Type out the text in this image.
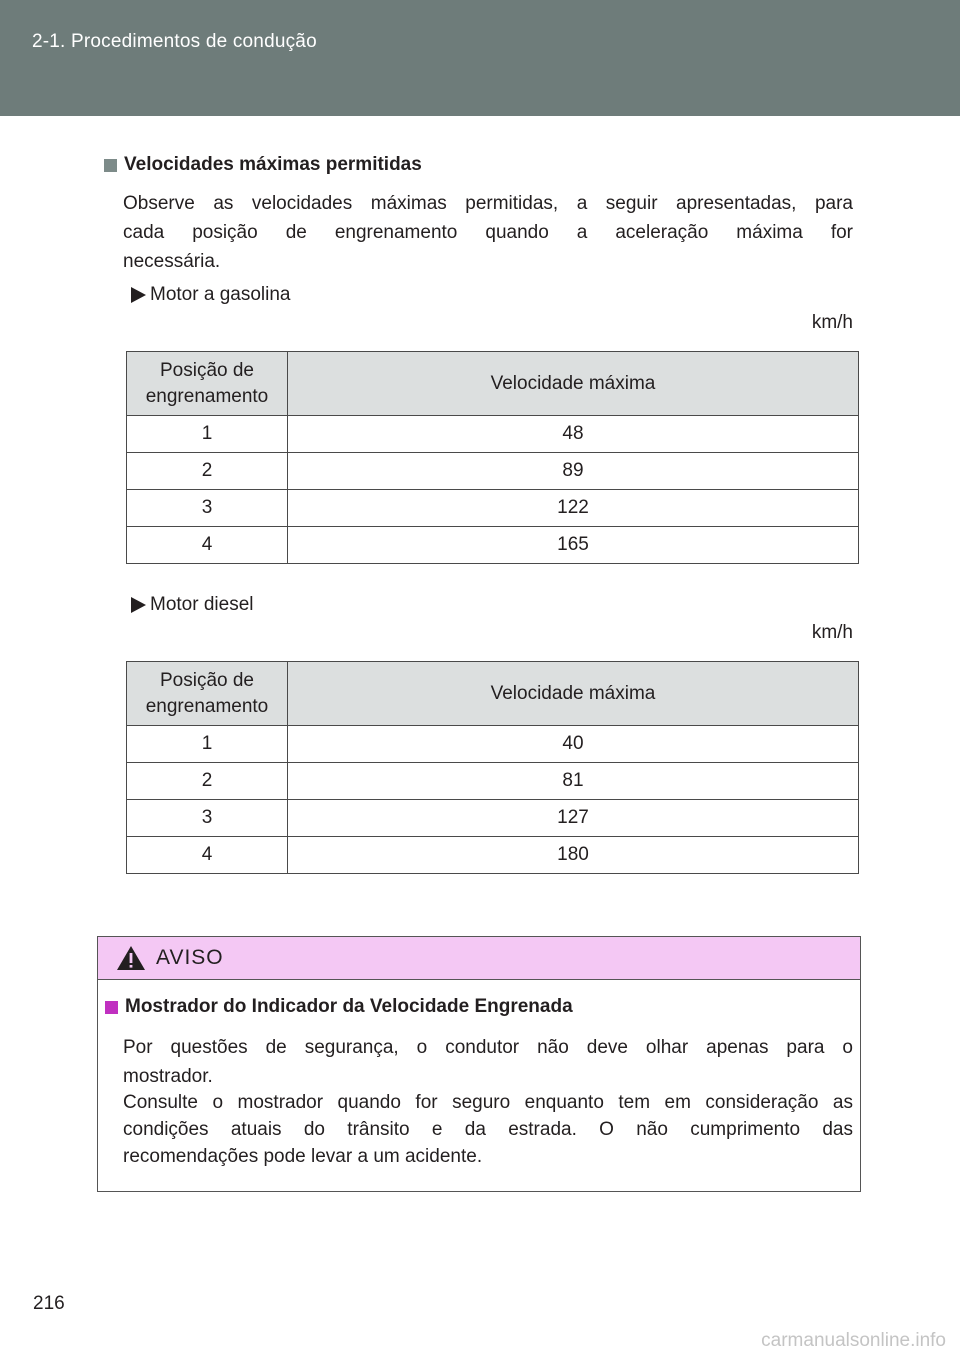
2-1. Procedimentos de condução
Velocidades máximas permitidas
Observe as velocidades máximas permitidas, a seguir apresentadas, para
cada posição de engrenamento quando a aceleração máxima for
necessária.
Motor a gasolina
km/h
Posição de engrenamento	Velocidade máxima
1	48
2	89
3	122
4	165
Motor diesel
km/h
Posição de engrenamento	Velocidade máxima
1	40
2	81
3	127
4	180
AVISO
Mostrador do Indicador da Velocidade Engrenada
Por questões de segurança, o condutor não deve olhar apenas para o
mostrador.
Consulte o mostrador quando for seguro enquanto tem em consideração as
condições atuais do trânsito e da estrada. O não cumprimento das
recomendações pode levar a um acidente.
216
carmanualsonline.info
